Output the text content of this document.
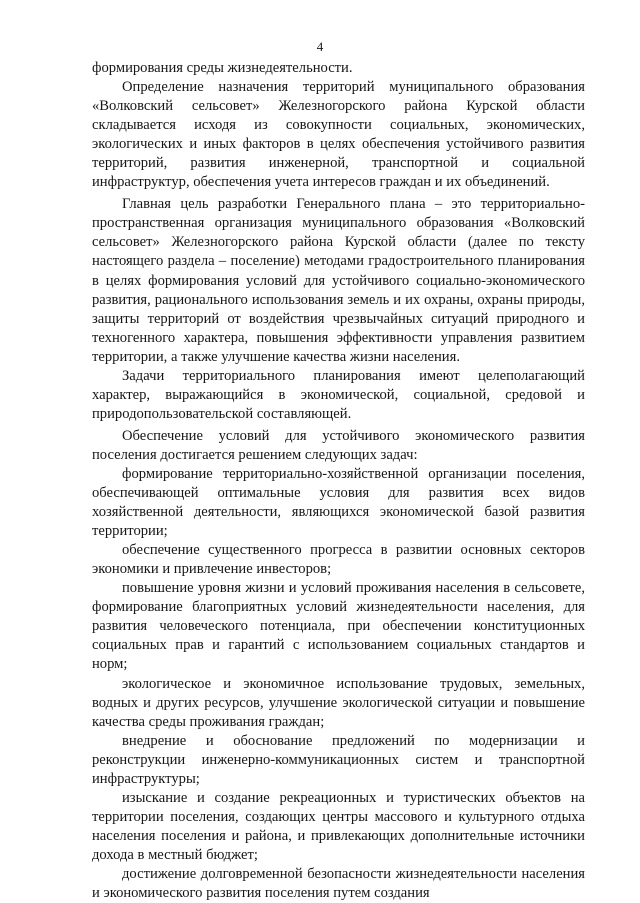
4

формирования среды жизнедеятельности.

Определение назначения территорий муниципального образования «Волковский сельсовет» Железногорского района Курской области складывается исходя из совокупности социальных, экономических, экологических и иных факторов в целях обеспечения устойчивого развития территорий, развития инженерной, транспортной и социальной инфраструктур, обеспечения учета интересов граждан и их объединений.

Главная цель разработки Генерального плана – это территориально-пространственная организация муниципального образования «Волковский сельсовет» Железногорского района Курской области (далее по тексту настоящего раздела – поселение) методами градостроительного планирования в целях формирования условий для устойчивого социально-экономического развития, рационального использования земель и их охраны, охраны природы, защиты территорий от воздействия чрезвычайных ситуаций природного и техногенного характера, повышения эффективности управления развитием территории, а также улучшение качества жизни населения.

Задачи территориального планирования имеют целеполагающий характер, выражающийся в экономической, социальной, средовой и природопользовательской составляющей.

Обеспечение условий для устойчивого экономического развития поселения достигается решением следующих задач:

формирование территориально-хозяйственной организации поселения, обеспечивающей оптимальные условия для развития всех видов хозяйственной деятельности, являющихся экономической базой развития территории;

обеспечение существенного прогресса в развитии основных секторов экономики и привлечение инвесторов;

повышение уровня жизни и условий проживания населения в сельсовете, формирование благоприятных условий жизнедеятельности населения, для развития человеческого потенциала, при обеспечении конституционных социальных прав и гарантий с использованием социальных стандартов и норм;

экологическое и экономичное использование трудовых, земельных, водных и других ресурсов, улучшение экологической ситуации и повышение качества среды проживания граждан;

внедрение и обоснование предложений по модернизации и реконструкции инженерно-коммуникационных систем и транспортной инфраструктуры;

изыскание и создание рекреационных и туристических объектов на территории поселения, создающих центры массового и культурного отдыха населения поселения и района, и привлекающих дополнительные источники дохода в местный бюджет;

достижение долговременной безопасности жизнедеятельности населения и экономического развития поселения путем создания
